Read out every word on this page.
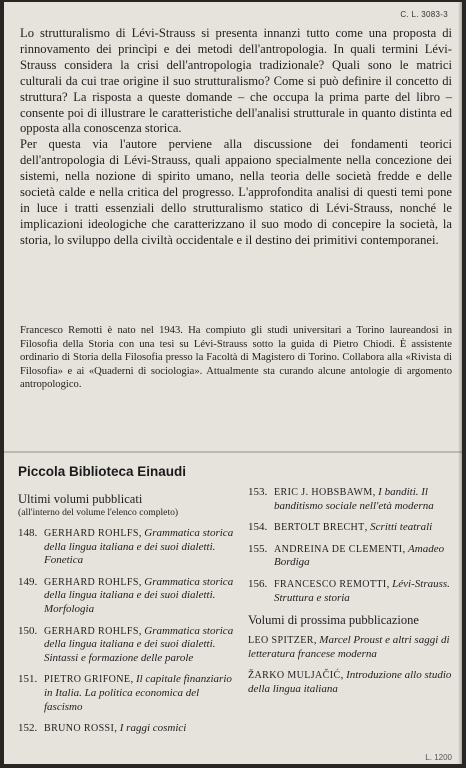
C. L. 3083-3

Lo strutturalismo di Lévi-Strauss si presenta innanzi tutto come una proposta di rinnovamento dei princìpi e dei metodi dell'antropologia. In quali termini Lévi-Strauss considera la crisi dell'antropologia tradizionale? Quali sono le matrici culturali da cui trae origine il suo strutturalismo? Come si può definire il concetto di struttura? La risposta a queste domande – che occupa la prima parte del libro – consente poi di illustrare le caratteristiche dell'analisi strutturale in quanto distinta ed opposta alla conoscenza storica.

Per questa via l'autore perviene alla discussione dei fondamenti teorici dell'antropologia di Lévi-Strauss, quali appaiono specialmente nella concezione dei sistemi, nella nozione di spirito umano, nella teoria delle società fredde e delle società calde e nella critica del progresso. L'approfondita analisi di questi temi pone in luce i tratti essenziali dello strutturalismo statico di Lévi-Strauss, nonché le implicazioni ideologiche che caratterizzano il suo modo di concepire la società, la storia, lo sviluppo della civiltà occidentale e il destino dei primitivi contemporanei.

Francesco Remotti è nato nel 1943. Ha compiuto gli studi universitari a Torino laureandosi in Filosofia della Storia con una tesi su Lévi-Strauss sotto la guida di Pietro Chiodi. È assistente ordinario di Storia della Filosofia presso la Facoltà di Magistero di Torino. Collabora alla «Rivista di Filosofia» e ai «Quaderni di sociologia». Attualmente sta curando alcune antologie di argomento antropologico.

Piccola Biblioteca Einaudi
Ultimi volumi pubblicati
(all'interno del volume l'elenco completo)
148. GERHARD ROHLFS, Grammatica storica della lingua italiana e dei suoi dialetti. Fonetica
149. GERHARD ROHLFS, Grammatica storica della lingua italiana e dei suoi dialetti. Morfologia
150. GERHARD ROHLFS, Grammatica storica della lingua italiana e dei suoi dialetti. Sintassi e formazione delle parole
151. PIETRO GRIFONE, Il capitale finanziario in Italia. La politica economica del fascismo
152. BRUNO ROSSI, I raggi cosmici
153. ERIC J. HOBSBAWM, I banditi. Il banditismo sociale nell'età moderna
154. BERTOLT BRECHT, Scritti teatrali
155. ANDREINA DE CLEMENTI, Amadeo Bordiga
156. FRANCESCO REMOTTI, Lévi-Strauss. Struttura e storia
Volumi di prossima pubblicazione
LEO SPITZER, Marcel Proust e altri saggi di letteratura francese moderna
ŽARKO MULJAČIĆ, Introduzione allo studio della lingua italiana
L. 1200
